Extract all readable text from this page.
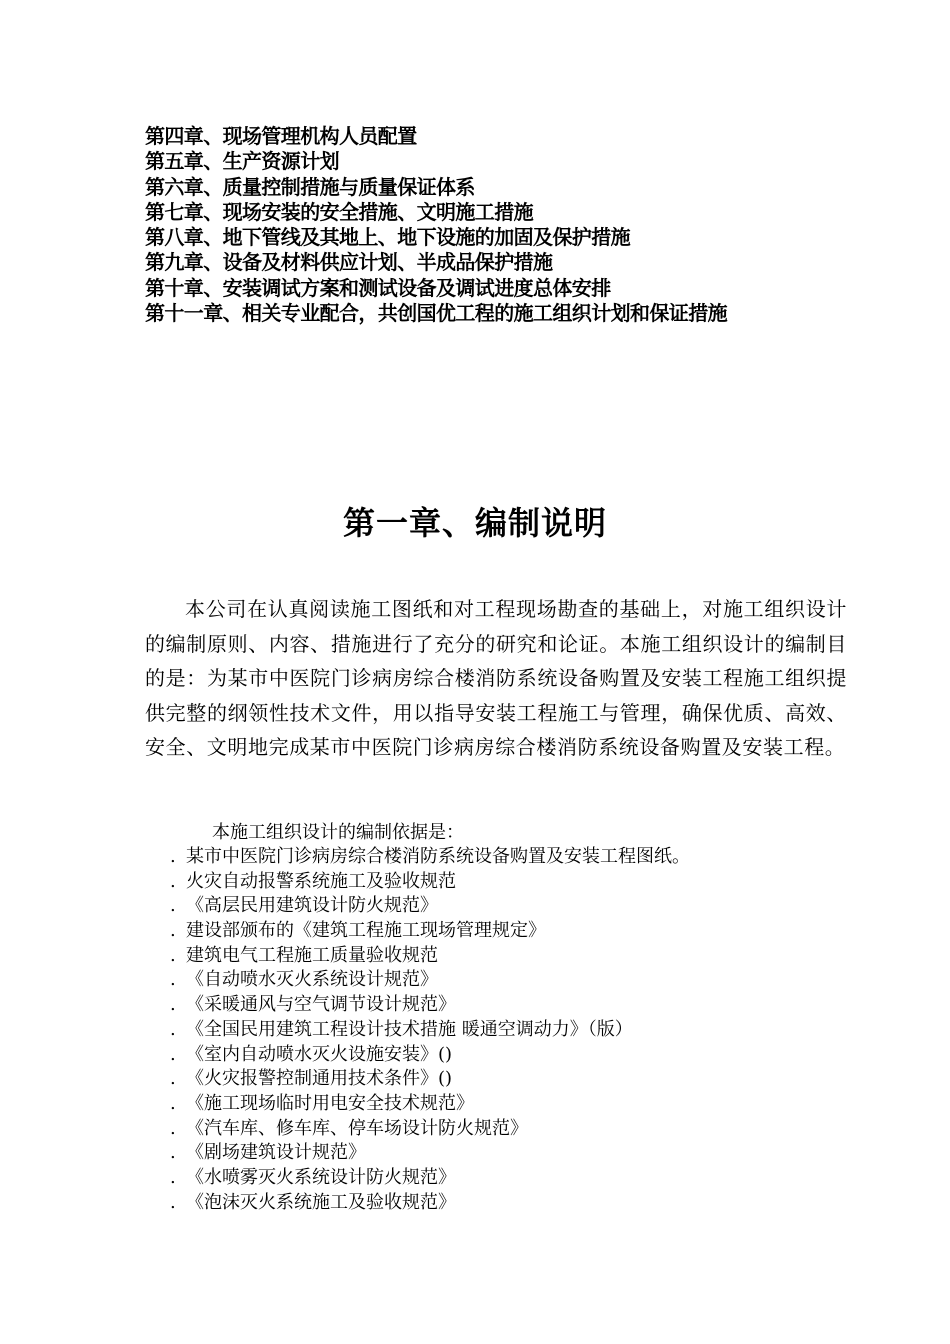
第四章、现场管理机构人员配置
第五章、生产资源计划
第六章、质量控制措施与质量保证体系
第七章、现场安装的安全措施、文明施工措施
第八章、地下管线及其地上、地下设施的加固及保护措施
第九章、设备及材料供应计划、半成品保护措施
第十章、安装调试方案和测试设备及调试进度总体安排
第十一章、相关专业配合，共创国优工程的施工组织计划和保证措施
第一章、编制说明

本公司在认真阅读施工图纸和对工程现场勘查的基础上，对施工组织设计的编制原则、内容、措施进行了充分的研究和论证。本施工组织设计的编制目的是：为某市中医院门诊病房综合楼消防系统设备购置及安装工程施工组织提供完整的纲领性技术文件，用以指导安装工程施工与管理，确保优质、高效、安全、文明地完成某市中医院门诊病房综合楼消防系统设备购置及安装工程。

本施工组织设计的编制依据是：
. 某市中医院门诊病房综合楼消防系统设备购置及安装工程图纸。
. 火灾自动报警系统施工及验收规范
. 《高层民用建筑设计防火规范》
. 建设部颁布的《建筑工程施工现场管理规定》
. 建筑电气工程施工质量验收规范
. 《自动喷水灭火系统设计规范》
. 《采暖通风与空气调节设计规范》
. 《全国民用建筑工程设计技术措施 暖通空调动力》（版）
. 《室内自动喷水灭火设施安装》()
. 《火灾报警控制通用技术条件》()
. 《施工现场临时用电安全技术规范》
. 《汽车库、修车库、停车场设计防火规范》
. 《剧场建筑设计规范》
. 《水喷雾灭火系统设计防火规范》
. 《泡沫灭火系统施工及验收规范》
